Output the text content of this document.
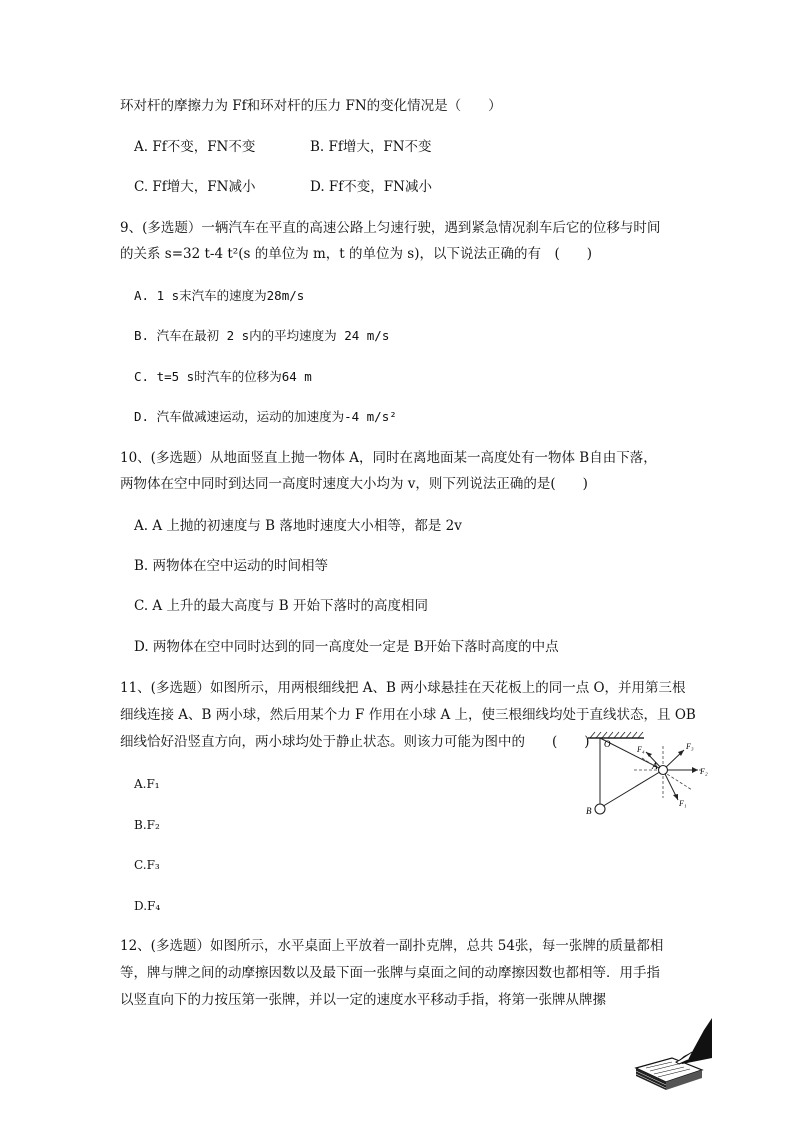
环对杆的摩擦力为 Ff和环对杆的压力 FN的变化情况是（　　）
A. Ff不变，FN不变	B. Ff增大，FN不变
C. Ff增大，FN减小	D. Ff不变，FN减小
9、(多选题）一辆汽车在平直的高速公路上匀速行驶，遇到紧急情况刹车后它的位移与时间
的关系 s=32 t-4 t²(s 的单位为 m，t 的单位为 s)，以下说法正确的有　(　　)
A. 1 s末汽车的速度为28m/s
B. 汽车在最初 2 s内的平均速度为 24 m/s
C. t=5 s时汽车的位移为64 m
D. 汽车做减速运动，运动的加速度为-4 m/s²
10、(多选题）从地面竖直上抛一物体 A，同时在离地面某一高度处有一物体 B自由下落，
两物体在空中同时到达同一高度时速度大小均为 v，则下列说法正确的是(　　)
A. A 上抛的初速度与 B 落地时速度大小相等，都是 2v
B. 两物体在空中运动的时间相等
C. A 上升的最大高度与 B 开始下落时的高度相同
D. 两物体在空中同时达到的同一高度处一定是 B开始下落时高度的中点
11、(多选题）如图所示，用两根细线把 A、B 两小球悬挂在天花板上的同一点 O，并用第三根
细线连接 A、B 两小球，然后用某个力 F 作用在小球 A 上，使三根细线均处于直线状态，且 OB
细线恰好沿竖直方向，两小球均处于静止状态。则该力可能为图中的　　(　　)
A.F₁
B.F₂
C.F₃
D.F₄
O
A
B
F₄	F₃
F₂
F₁
12、(多选题）如图所示，水平桌面上平放着一副扑克牌，总共 54张，每一张牌的质量都相
等，牌与牌之间的动摩擦因数以及最下面一张牌与桌面之间的动摩擦因数也都相等．用手指
以竖直向下的力按压第一张牌，并以一定的速度水平移动手指，将第一张牌从牌摞
